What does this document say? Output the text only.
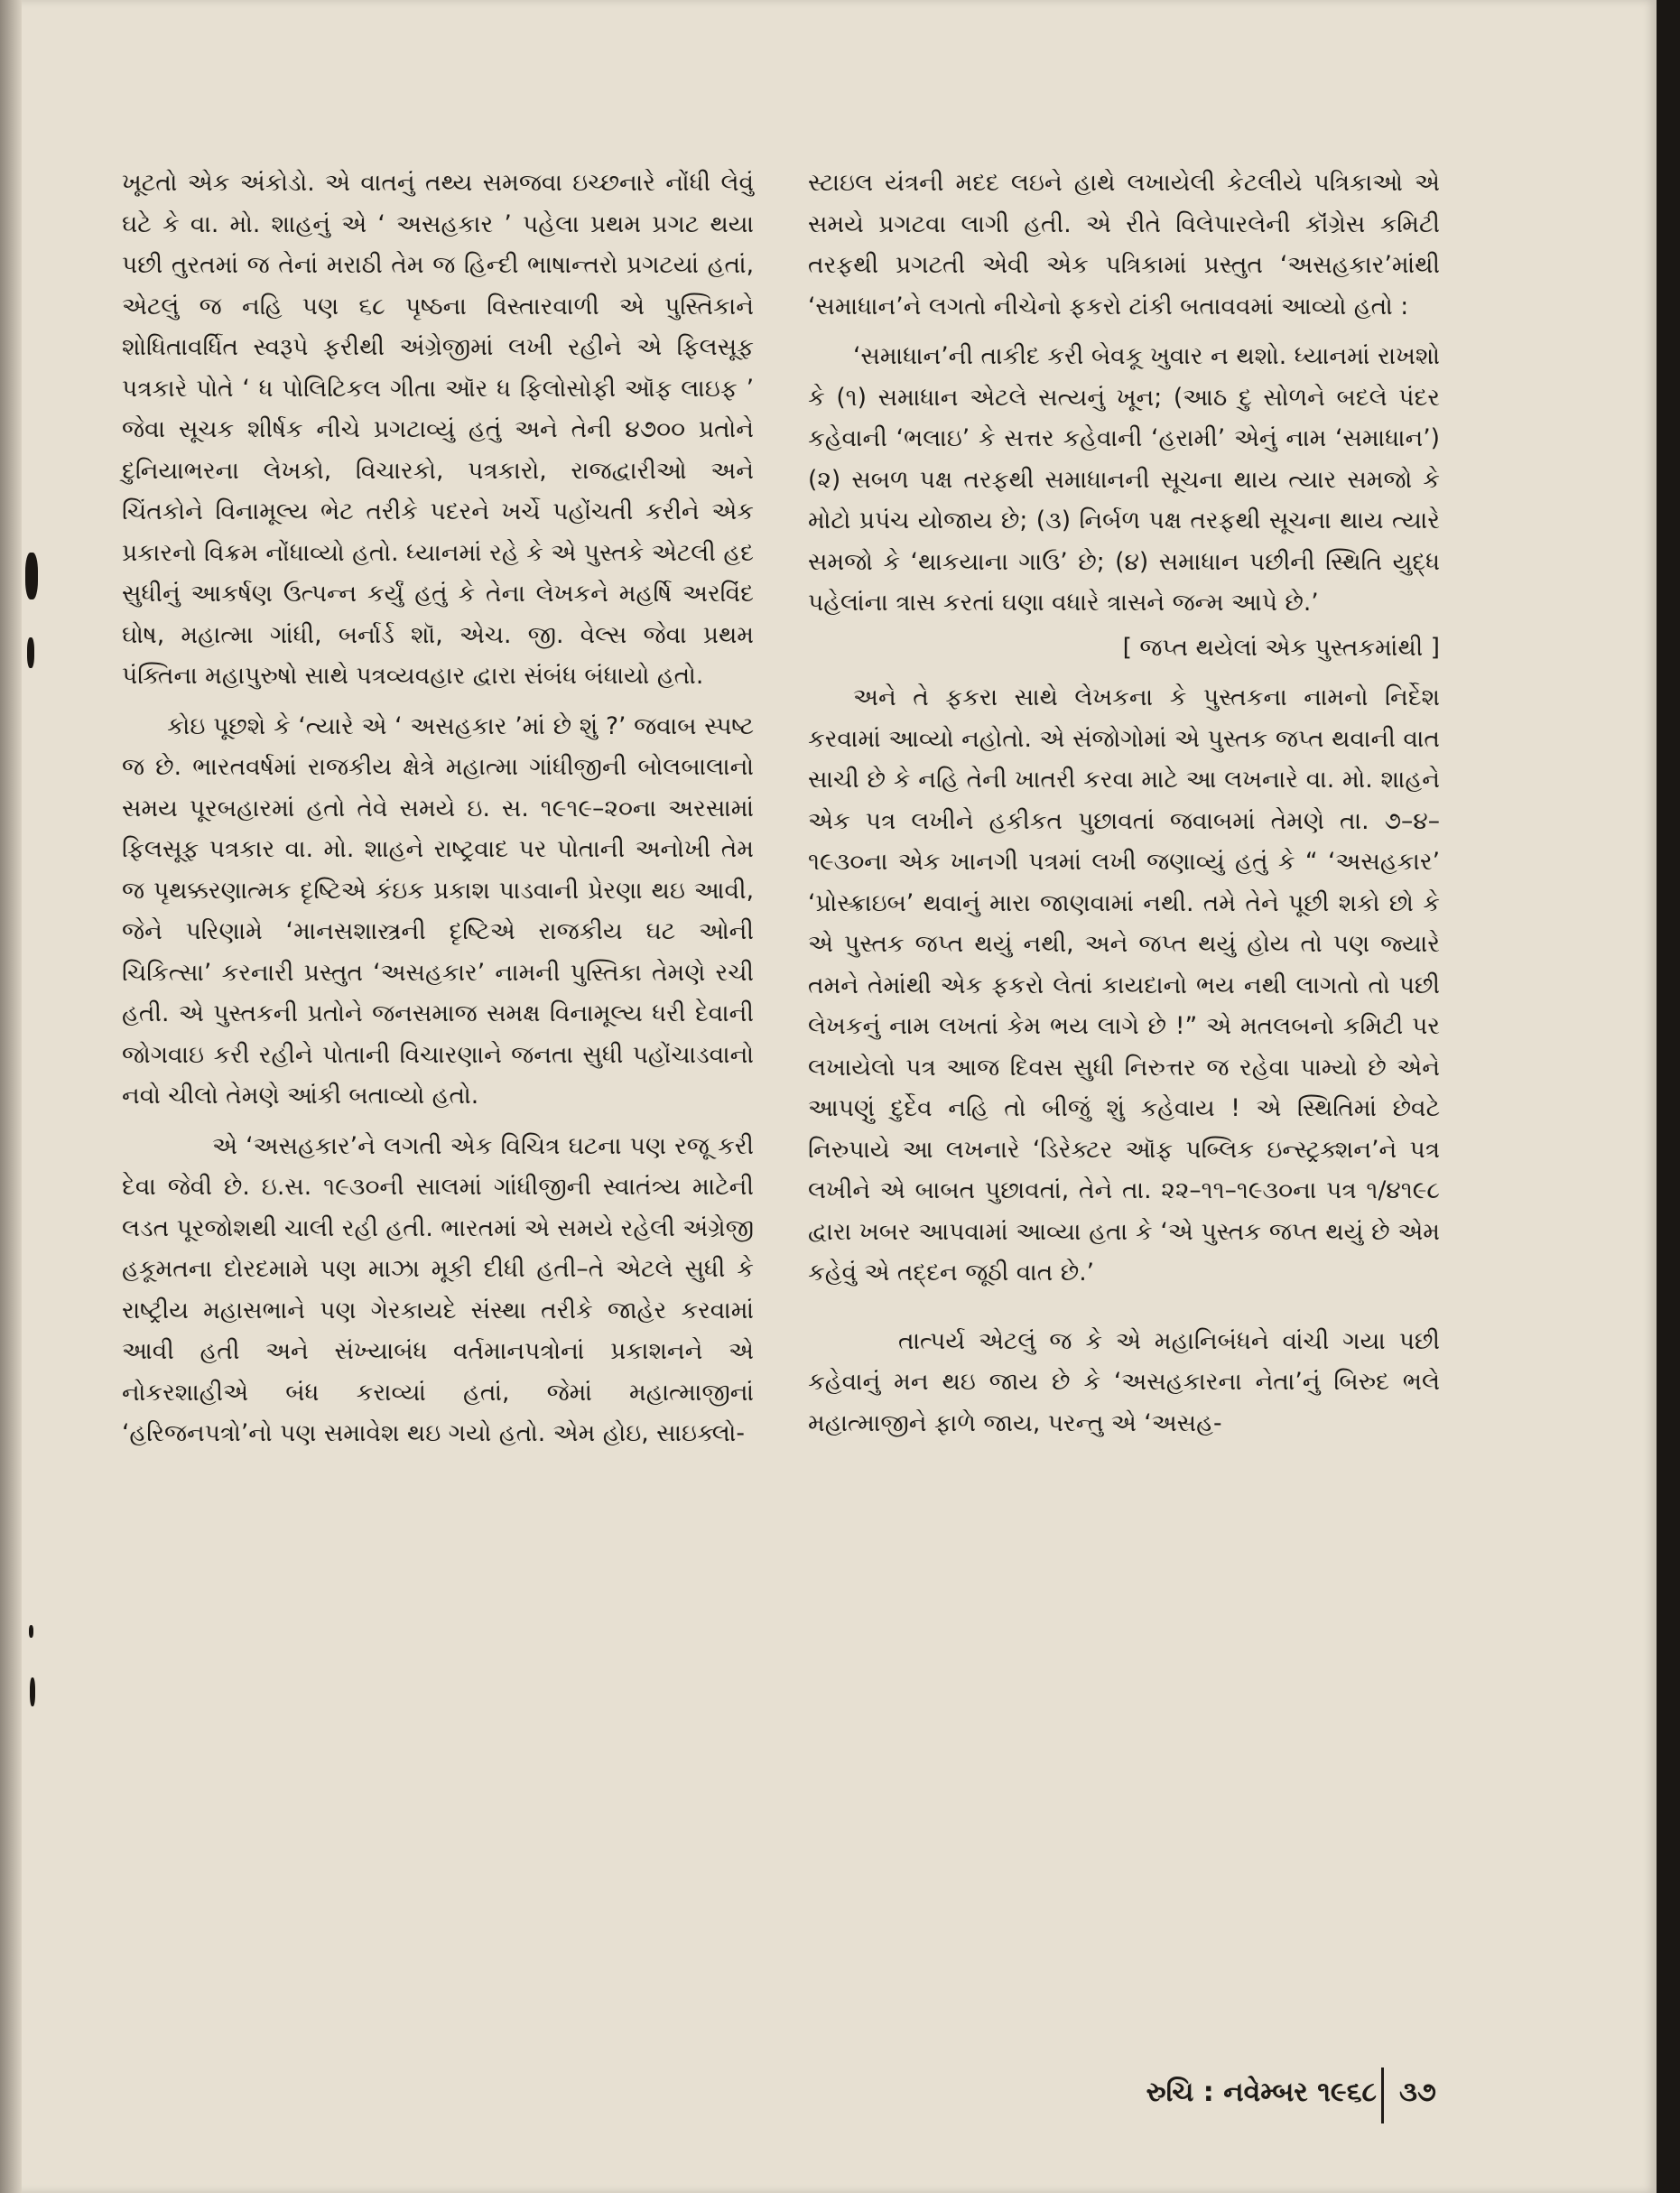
ખૂટતો એક અંકોડો. એ વાતનું તથ્ય સમજવા ઇચ્છનારે નોંધી લેવું ઘટે કે વા. મો. શાહનું એ ‘ અસહકાર ’ પહેલા પ્રથમ પ્રગટ થયા પછી તુરતમાં જ તેનાં મરાઠી તેમ જ હિન્દી ભાષાન્તરો પ્રગટયાં હતાં, એટલું જ નહિ પણ ૬૮ પૃષ્ઠના વિસ્તારવાળી એ પુસ્તિકાને શોધિતાવર્ધિત સ્વરૂપે ફરીથી અંગ્રેજીમાં લખી રહીને એ ફિલસૂફ પત્રકારે પોતે ‘ ધ પોલિટિકલ ગીતા ઑર ધ ફિલોસોફી ઑફ લાઇફ ’ જેવા સૂચક શીર્ષક નીચે પ્રગટાવ્યું હતું અને તેની ૪૭૦૦ પ્રતોને દુનિયાભરના લેખકો, વિચારકો, પત્રકારો, રાજદ્વારીઓ અને ચિંતકોને વિનામૂલ્ય ભેટ તરીકે પદરને ખર્ચે પહોંચતી કરીને એક પ્રકારનો વિક્રમ નોંધાવ્યો હતો. ધ્યાનમાં રહે કે એ પુસ્તકે એટલી હદ સુધીનું આકર્ષણ ઉત્પન્ન કર્યું હતું કે તેના લેખકને મહર્ષિ અરવિંદ ઘોષ, મહાત્મા ગાંધી, બર્નાર્ડ શૉ, એચ. જી. વેલ્સ જેવા પ્રથમ પંક્તિના મહાપુરુષો સાથે પત્રવ્યવહાર દ્વારા સંબંધ બંધાયો હતો.

કોઇ પૂછશે કે ‘ત્યારે એ ‘ અસહકાર ’માં છે શું ?’ જવાબ સ્પષ્ટ જ છે. ભારતવર્ષમાં રાજકીય ક્ષેત્રે મહાત્મા ગાંધીજીની બોલબાલાનો સમય પૂરબહારમાં હતો તેવે સમયે ઇ. સ. ૧૯૧૯–૨૦ના અરસામાં ફિલસૂફ પત્રકાર વા. મો. શાહને રાષ્ટ્રવાદ પર પોતાની અનોખી તેમ જ પૃથક્કરણાત્મક દૃષ્ટિએ કંઇક પ્રકાશ પાડવાની પ્રેરણા થઇ આવી, જેને પરિણામે ‘માનસશાસ્ત્રની દૃષ્ટિએ રાજકીય ઘટ ઓની ચિકિત્સા’ કરનારી પ્રસ્તુત ‘અસહકાર’ નામની પુસ્તિકા તેમણે રચી હતી. એ પુસ્તકની પ્રતોને જનસમાજ સમક્ષ વિનામૂલ્ય ધરી દેવાની જોગવાઇ કરી રહીને પોતાની વિચારણાને જનતા સુધી પહોંચાડવાનો નવો ચીલો તેમણે આંકી બતાવ્યો હતો.

એ ‘અસહકાર’ને લગતી એક વિચિત્ર ઘટના પણ રજૂ કરી દેવા જેવી છે. ઇ.સ. ૧૯૩૦ની સાલમાં ગાંધીજીની સ્વાતંત્ર્ય માટેની લડત પૂરજોશથી ચાલી રહી હતી. ભારતમાં એ સમયે રહેલી અંગ્રેજી હકૂમતના દોરદમામે પણ માઝા મૂકી દીધી હતી–તે એટલે સુધી કે રાષ્ટ્રીય મહાસભાને પણ ગેરકાયદે સંસ્થા તરીકે જાહેર કરવામાં આવી હતી અને સંખ્યાબંધ વર્તમાનપત્રોનાં પ્રકાશનને એ નોકરશાહીએ બંધ કરાવ્યાં હતાં, જેમાં મહાત્માજીનાં ‘હરિજનપત્રો’નો પણ સમાવેશ થઇ ગયો હતો. એમ હોઇ, સાઇક્લો-

સ્ટાઇલ યંત્રની મદદ લઇને હાથે લખાયેલી કેટલીયે પત્રિકાઓ એ સમયે પ્રગટવા લાગી હતી. એ રીતે વિલેપારલેની કૉંગ્રેસ કમિટી તરફથી પ્રગટતી એવી એક પત્રિકામાં પ્રસ્તુત ‘અસહકાર’માંથી ‘સમાધાન’ને લગતો નીચેનો ફકરો ટાંકી બતાવવમાં આવ્યો હતો :

‘સમાધાન’ની તાકીદ કરી બેવકૂ ખુવાર ન થશો. ધ્યાનમાં રાખશો કે (૧) સમાધાન એટલે સત્યનું ખૂન; (આઠ દુ સોળને બદલે પંદર કહેવાની ‘ભલાઇ’ કે સત્તર કહેવાની ‘હરામી’ એનું નામ ‘સમાધાન’) (૨) સબળ પક્ષ તરફથી સમાધાનની સૂચના થાય ત્યાર સમજો કે મોટો પ્રપંચ યોજાય છે; (૩) નિર્બળ પક્ષ તરફથી સૂચના થાય ત્યારે સમજો કે ‘થાકયાના ગાઉ’ છે; (૪) સમાધાન પછીની સ્થિતિ યુદ્ધ પહેલાંના ત્રાસ કરતાં ઘણા વધારે ત્રાસને જન્મ આપે છે.’

[ જપ્ત થયેલાં એક પુસ્તકમાંથી ]

અને તે ફકરા સાથે લેખકના કે પુસ્તકના નામનો નિર્દેશ કરવામાં આવ્યો નહોતો. એ સંજોગોમાં એ પુસ્તક જપ્ત થવાની વાત સાચી છે કે નહિ તેની ખાતરી કરવા માટે આ લખનારે વા. મો. શાહને એક પત્ર લખીને હકીકત પુછાવતાં જવાબમાં તેમણે તા. ૭–૪–૧૯૩૦ના એક ખાનગી પત્રમાં લખી જણાવ્યું હતું કે “ ‘અસહકાર’ ‘પ્રોસ્ક્રાઇબ’ થવાનું મારા જાણવામાં નથી. તમે તેને પૂછી શકો છો કે એ પુસ્તક જપ્ત થયું નથી, અને જપ્ત થયું હોય તો પણ જ્યારે તમને તેમાંથી એક ફકરો લેતાં કાયદાનો ભય નથી લાગતો તો પછી લેખકનું નામ લખતાં કેમ ભય લાગે છે !” એ મતલબનો કમિટી પર લખાયેલો પત્ર આજ દિવસ સુધી નિરુત્તર જ રહેવા પામ્યો છે એને આપણું દુર્દેવ નહિ તો બીજું શું કહેવાય ! એ સ્થિતિમાં છેવટે નિરુપાયે આ લખનારે ‘ડિરેક્ટર ઑફ પબ્લિક ઇન્સ્ટ્રક્શન’ને પત્ર લખીને એ બાબત પુછાવતાં, તેને તા. ૨૨–૧૧–૧૯૩૦ના પત્ર ૧/૪૧૯૮ દ્વારા ખબર આપવામાં આવ્યા હતા કે ‘એ પુસ્તક જપ્ત થયું છે એમ કહેવું એ તદ્દન જૂઠી વાત છે.’

તાત્પર્ય એટલું જ કે એ મહાનિબંધને વાંચી ગયા પછી કહેવાનું મન થઇ જાય છે કે ‘અસહકારના નેતા’નું બિરુદ ભલે મહાત્માજીને ફાળે જાય, પરન્તુ એ ‘અસહ-

રુચિ : નવેમ્બર ૧૯૬૮ ૩૭
